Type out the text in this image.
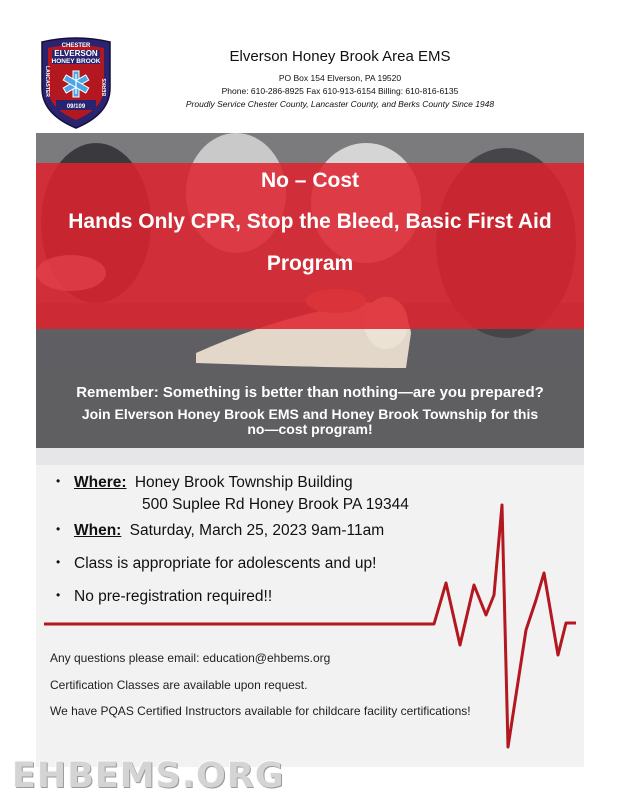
CHESTER
ELVERSON
HONEY BROOK
LANCASTER	BERKS
09/109
Elverson Honey Brook Area EMS
PO Box 154 Elverson, PA 19520
Phone: 610-286-8925 Fax 610-913-6154 Billing: 610-816-6135
Proudly Service Chester County, Lancaster County, and Berks County Since 1948
No – Cost
Hands Only CPR, Stop the Bleed, Basic First Aid
Program
Remember: Something is better than nothing—are you prepared?
Join Elverson Honey Brook EMS and Honey Brook Township for this
no—cost program!
• Where: Honey Brook Township Building
500 Suplee Rd Honey Brook PA 19344
• When: Saturday, March 25, 2023 9am-11am
• Class is appropriate for adolescents and up!
• No pre-registration required!!
Any questions please email: education@ehbems.org
Certification Classes are available upon request.
We have PQAS Certified Instructors available for childcare facility certifications!
EHBEMS.ORG
